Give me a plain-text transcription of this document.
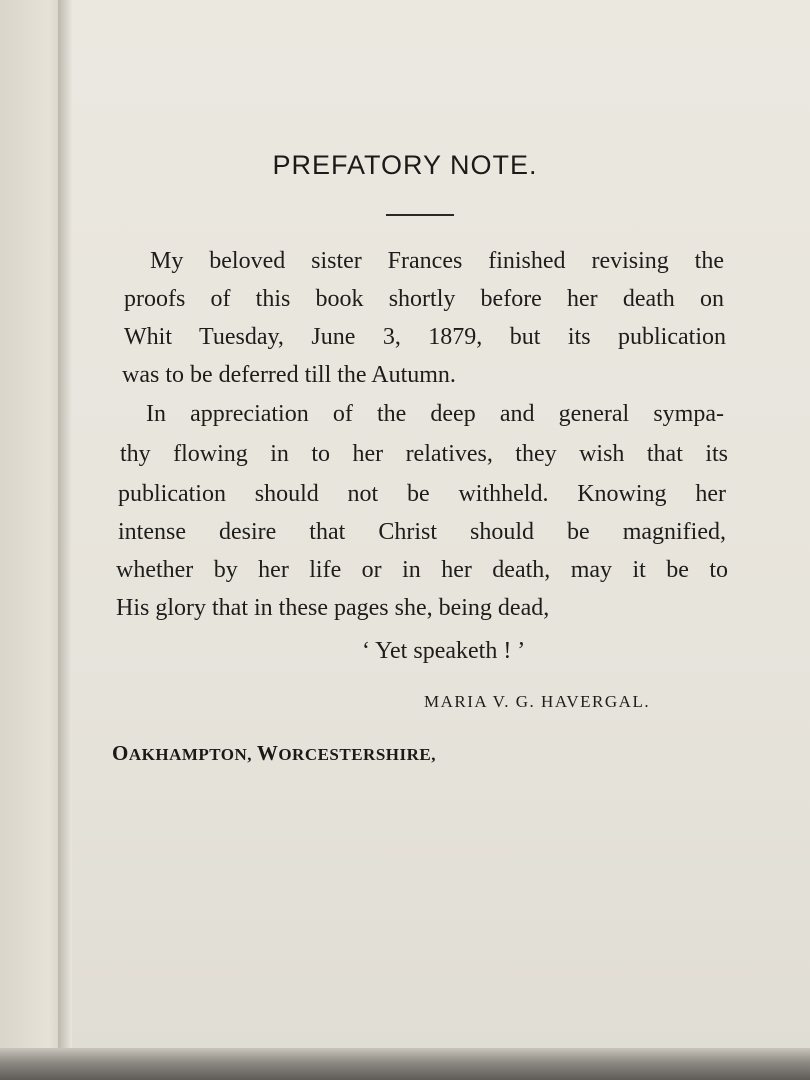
PREFATORY NOTE.
My beloved sister Frances finished revising the
proofs of this book shortly before her death on
Whit Tuesday, June 3, 1879, but its publication
was to be deferred till the Autumn.
In appreciation of the deep and general sympa-
thy flowing in to her relatives, they wish that its
publication should not be withheld. Knowing her
intense desire that Christ should be magnified,
whether by her life or in her death, may it be to
His glory that in these pages she, being dead,
‘ Yet speaketh ! ’
MARIA V. G. HAVERGAL.
OAKHAMPTON, WORCESTERSHIRE,
